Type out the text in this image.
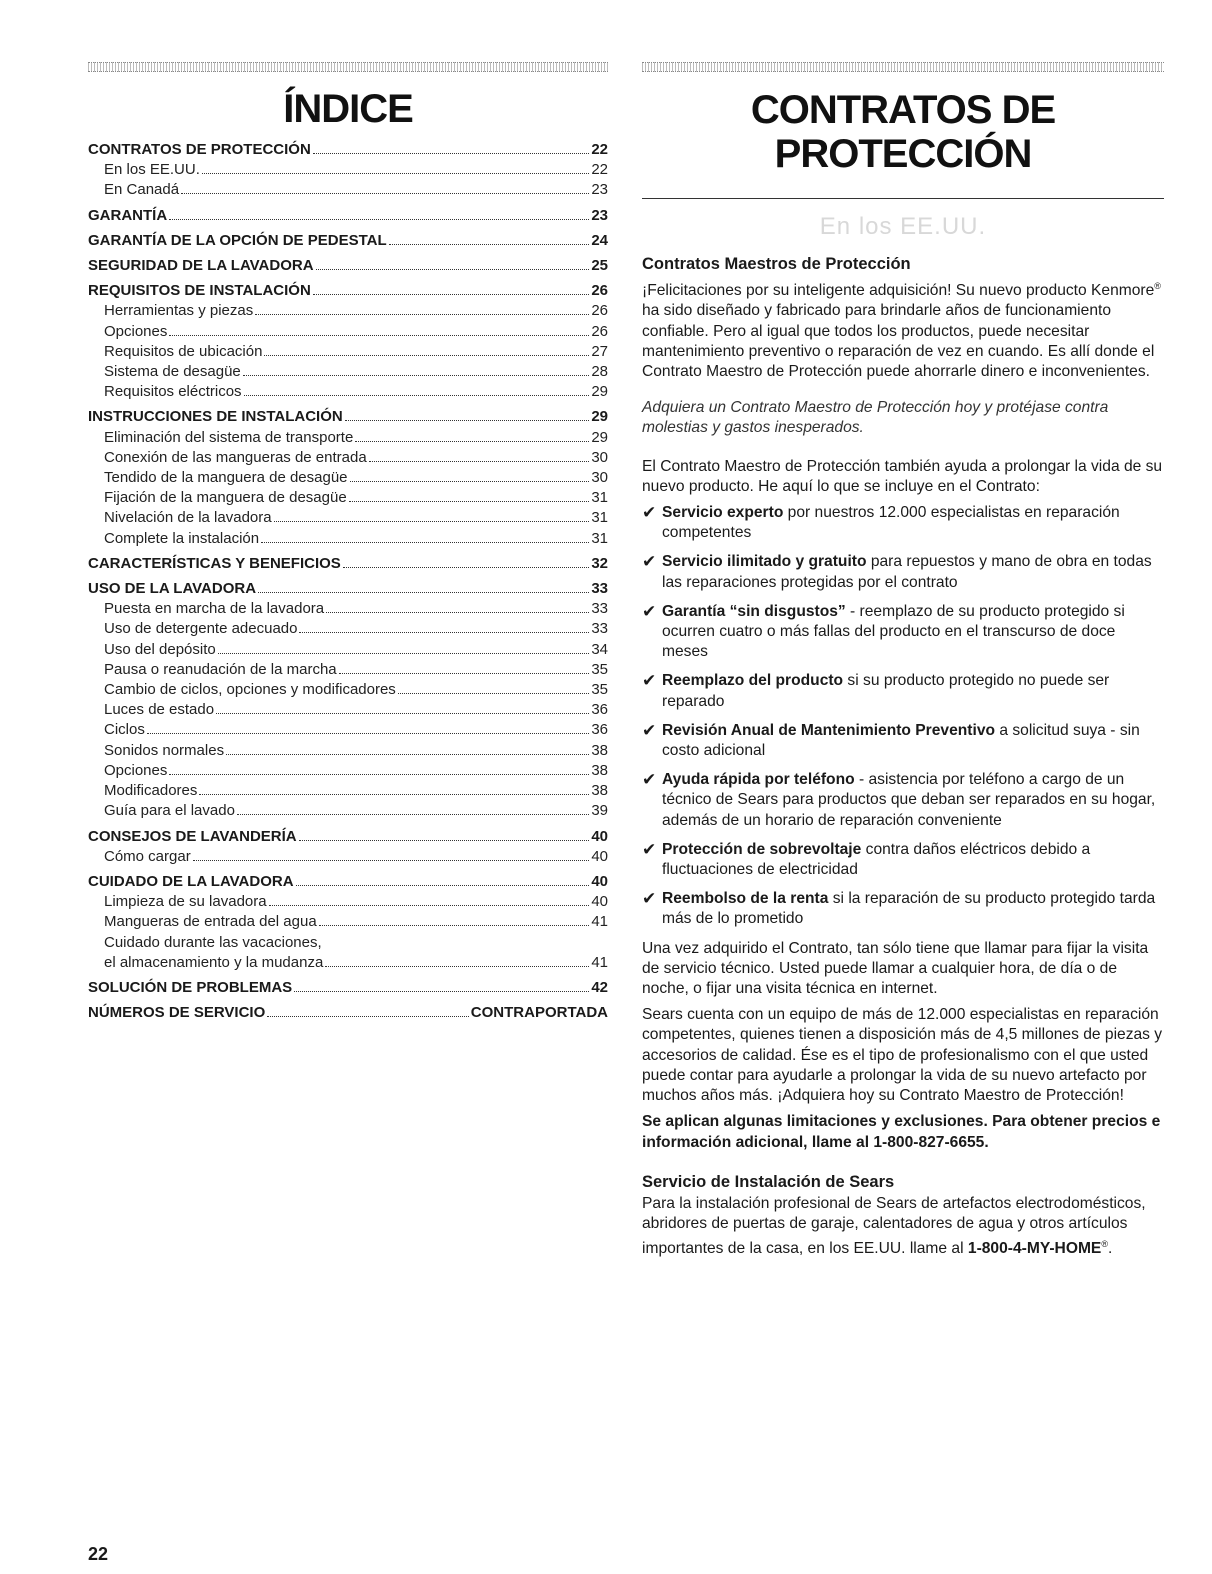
ÍNDICE
CONTRATOS DE PROTECCIÓN	22
En los EE.UU.	22
En Canadá	23
GARANTÍA	23
GARANTÍA DE LA OPCIÓN DE PEDESTAL	24
SEGURIDAD DE LA LAVADORA	25
REQUISITOS DE INSTALACIÓN	26
Herramientas y piezas	26
Opciones	26
Requisitos de ubicación	27
Sistema de desagüe	28
Requisitos eléctricos	29
INSTRUCCIONES DE INSTALACIÓN	29
Eliminación del sistema de transporte	29
Conexión de las mangueras de entrada	30
Tendido de la manguera de desagüe	30
Fijación de la manguera de desagüe	31
Nivelación de la lavadora	31
Complete la instalación	31
CARACTERÍSTICAS Y BENEFICIOS	32
USO DE LA LAVADORA	33
Puesta en marcha de la lavadora	33
Uso de detergente adecuado	33
Uso del depósito	34
Pausa o reanudación de la marcha	35
Cambio de ciclos, opciones y modificadores	35
Luces de estado	36
Ciclos	36
Sonidos normales	38
Opciones	38
Modificadores	38
Guía para el lavado	39
CONSEJOS DE LAVANDERÍA	40
Cómo cargar	40
CUIDADO DE LA LAVADORA	40
Limpieza de su lavadora	40
Mangueras de entrada del agua	41
Cuidado durante las vacaciones,
el almacenamiento y la mudanza	41
SOLUCIÓN DE PROBLEMAS	42
NÚMEROS DE SERVICIO	CONTRAPORTADA
CONTRATOS DE
PROTECCIÓN
En los EE.UU.
Contratos Maestros de Protección

¡Felicitaciones por su inteligente adquisición! Su nuevo producto Kenmore® ha sido diseñado y fabricado para brindarle años de funcionamiento confiable. Pero al igual que todos los productos, puede necesitar mantenimiento preventivo o reparación de vez en cuando. Es allí donde el Contrato Maestro de Protección puede ahorrarle dinero e inconvenientes.

Adquiera un Contrato Maestro de Protección hoy y protéjase contra molestias y gastos inesperados.

El Contrato Maestro de Protección también ayuda a prolongar la vida de su nuevo producto. He aquí lo que se incluye en el Contrato:

✔ Servicio experto por nuestros 12.000 especialistas en reparación competentes
✔ Servicio ilimitado y gratuito para repuestos y mano de obra en todas las reparaciones protegidas por el contrato
✔ Garantía “sin disgustos” - reemplazo de su producto protegido si ocurren cuatro o más fallas del producto en el transcurso de doce meses
✔ Reemplazo del producto si su producto protegido no puede ser reparado
✔ Revisión Anual de Mantenimiento Preventivo a solicitud suya - sin costo adicional
✔ Ayuda rápida por teléfono - asistencia por teléfono a cargo de un técnico de Sears para productos que deban ser reparados en su hogar, además de un horario de reparación conveniente
✔ Protección de sobrevoltaje contra daños eléctricos debido a fluctuaciones de electricidad
✔ Reembolso de la renta si la reparación de su producto protegido tarda más de lo prometido

Una vez adquirido el Contrato, tan sólo tiene que llamar para fijar la visita de servicio técnico. Usted puede llamar a cualquier hora, de día o de noche, o fijar una visita técnica en internet.

Sears cuenta con un equipo de más de 12.000 especialistas en reparación competentes, quienes tienen a disposición más de 4,5 millones de piezas y accesorios de calidad. Ése es el tipo de profesionalismo con el que usted puede contar para ayudarle a prolongar la vida de su nuevo artefacto por muchos años más. ¡Adquiera hoy su Contrato Maestro de Protección!

Se aplican algunas limitaciones y exclusiones. Para obtener precios e información adicional, llame al 1-800-827-6655.

Servicio de Instalación de Sears

Para la instalación profesional de Sears de artefactos electrodomésticos, abridores de puertas de garaje, calentadores de agua y otros artículos importantes de la casa, en los EE.UU. llame al 1-800-4-MY-HOME®.

22
